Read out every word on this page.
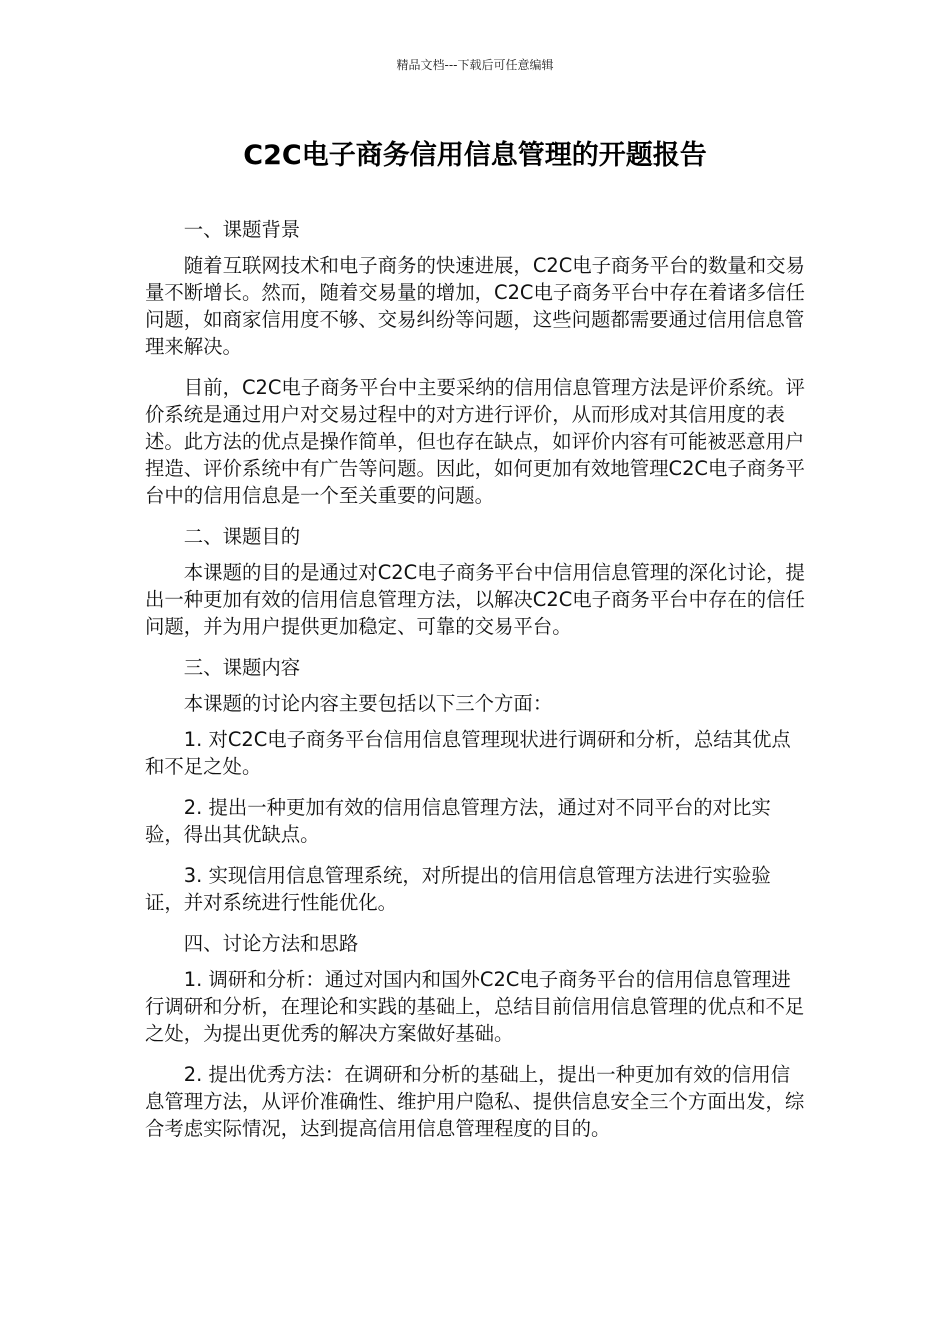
精品文档---下载后可任意编辑
C2C电子商务信用信息管理的开题报告

一、课题背景

随着互联网技术和电子商务的快速进展，C2C电子商务平台的数量和交易量不断增长。然而，随着交易量的增加，C2C电子商务平台中存在着诸多信任问题，如商家信用度不够、交易纠纷等问题，这些问题都需要通过信用信息管理来解决。

目前，C2C电子商务平台中主要采纳的信用信息管理方法是评价系统。评价系统是通过用户对交易过程中的对方进行评价，从而形成对其信用度的表述。此方法的优点是操作简单，但也存在缺点，如评价内容有可能被恶意用户捏造、评价系统中有广告等问题。因此，如何更加有效地管理C2C电子商务平台中的信用信息是一个至关重要的问题。

二、课题目的

本课题的目的是通过对C2C电子商务平台中信用信息管理的深化讨论，提出一种更加有效的信用信息管理方法，以解决C2C电子商务平台中存在的信任问题，并为用户提供更加稳定、可靠的交易平台。

三、课题内容

本课题的讨论内容主要包括以下三个方面：

1. 对C2C电子商务平台信用信息管理现状进行调研和分析，总结其优点和不足之处。

2. 提出一种更加有效的信用信息管理方法，通过对不同平台的对比实验，得出其优缺点。

3. 实现信用信息管理系统，对所提出的信用信息管理方法进行实验验证，并对系统进行性能优化。

四、讨论方法和思路

1. 调研和分析：通过对国内和国外C2C电子商务平台的信用信息管理进行调研和分析，在理论和实践的基础上，总结目前信用信息管理的优点和不足之处，为提出更优秀的解决方案做好基础。

2. 提出优秀方法：在调研和分析的基础上，提出一种更加有效的信用信息管理方法，从评价准确性、维护用户隐私、提供信息安全三个方面出发，综合考虑实际情况，达到提高信用信息管理程度的目的。
